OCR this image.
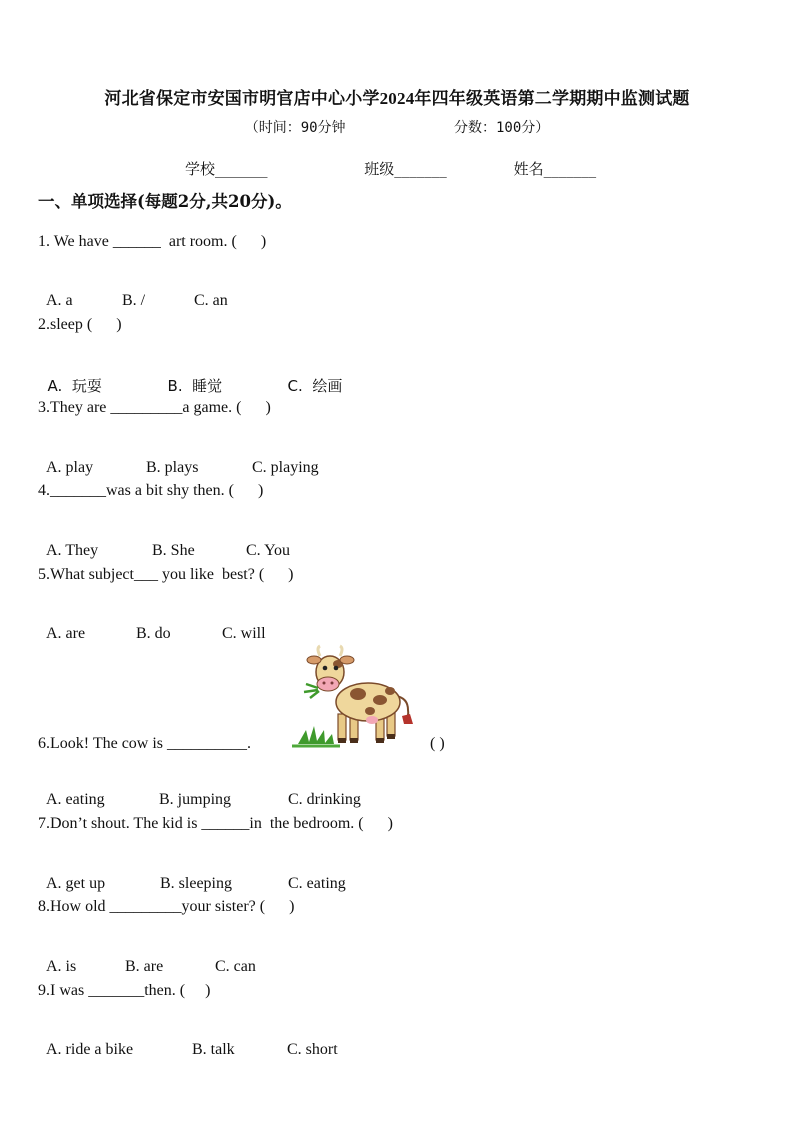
河北省保定市安国市明官店中心小学2024年四年级英语第二学期期中监测试题
（时间：90分钟	分数：100分）
学校_______	班级_______	姓名_______
一、单项选择(每题2分,共20分)。
1. We have ______  art room. (      )

A. a	B. /	C. an

2.sleep (      )

A.  玩耍	B.  睡觉	C.  绘画

3.They are _________a game. (      )

A. play	B. plays	C. playing

4._______was a bit shy then. (      )

A. They	B. She	C. You

5.What subject___ you like  best? (      )

A. are	B. do	C. will

6.Look! The cow is __________.	( )

A. eating	B. jumping	C. drinking

7.Don’t shout. The kid is ______in  the bedroom. (      )

A. get up	B. sleeping	C. eating

8.How old _________your sister? (      )

A. is	B. are	C. can

9.I was _______then. (     )

A. ride a bike	B. talk	C. short
